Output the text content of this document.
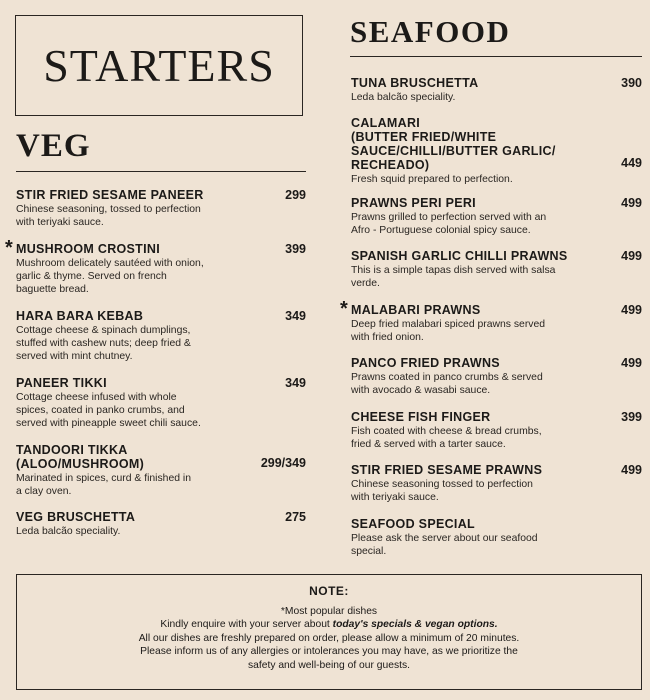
STARTERS
VEG
SEAFOOD
STIR FRIED SESAME PANEER
Chinese seasoning, tossed to perfection
with teriyaki sauce.
299
* MUSHROOM CROSTINI
Mushroom delicately sautéed with onion,
garlic & thyme. Served on french
baguette bread.
399
HARA BARA KEBAB
Cottage cheese & spinach dumplings,
stuffed with cashew nuts; deep fried &
served with mint chutney.
349
PANEER TIKKI
Cottage cheese infused with whole
spices, coated in panko crumbs, and
served with pineapple sweet chili sauce.
349
TANDOORI TIKKA
(ALOO/MUSHROOM)
Marinated in spices, curd & finished in
a clay oven.
299/349
VEG BRUSCHETTA
Leda balcão speciality.
275
TUNA BRUSCHETTA
Leda balcão speciality.
390
CALAMARI
(BUTTER FRIED/WHITE
SAUCE/CHILLI/BUTTER GARLIC/
RECHEADO)
Fresh squid prepared to perfection.
449
PRAWNS PERI PERI
Prawns grilled to perfection served with an
Afro - Portuguese colonial spicy sauce.
499
SPANISH GARLIC CHILLI PRAWNS
This is a simple tapas dish served with salsa
verde.
499
* MALABARI PRAWNS
Deep fried malabari spiced prawns served
with fried onion.
499
PANCO FRIED PRAWNS
Prawns coated in panco crumbs & served
with avocado & wasabi sauce.
499
CHEESE FISH FINGER
Fish coated with cheese & bread crumbs,
fried & served with a tarter sauce.
399
STIR FRIED SESAME PRAWNS
Chinese seasoning tossed to perfection
with teriyaki sauce.
499
SEAFOOD SPECIAL
Please ask the server about our seafood
special.
NOTE:
*Most popular dishes
Kindly enquire with your server about today's specials & vegan options.
All our dishes are freshly prepared on order, please allow a minimum of 20 minutes.
Please inform us of any allergies or intolerances you may have, as we prioritize the
safety and well-being of our guests.
